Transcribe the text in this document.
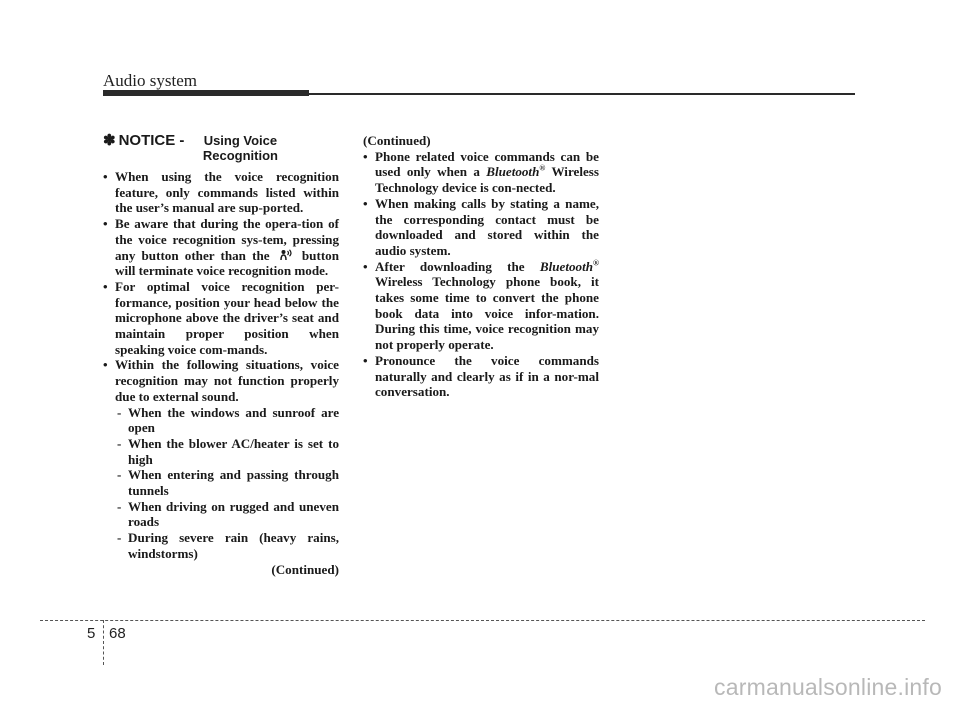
Audio system
✽ NOTICE -	Using Voice Recognition
• When using the voice recognition feature, only commands listed within the user’s manual are sup-ported.
• Be aware that during the opera-tion of the voice recognition sys-tem, pressing any button other than the button will terminate voice recognition mode.
• For optimal voice recognition per-formance, position your head below the microphone above the driver’s seat and maintain proper position when speaking voice com-mands.
• Within the following situations, voice recognition may not function properly due to external sound.
- When the windows and sunroof are open
- When the blower AC/heater is set to high
- When entering and passing through tunnels
- When driving on rugged and uneven roads
- During severe rain (heavy rains, windstorms)
(Continued)
(Continued)
• Phone related voice commands can be used only when a Bluetooth® Wireless Technology device is con-nected.
• When making calls by stating a name, the corresponding contact must be downloaded and stored within the audio system.
• After downloading the Bluetooth® Wireless Technology phone book, it takes some time to convert the phone book data into voice infor-mation. During this time, voice recognition may not properly operate.
• Pronounce the voice commands naturally and clearly as if in a nor-mal conversation.
5 68
carmanualsonline.info
